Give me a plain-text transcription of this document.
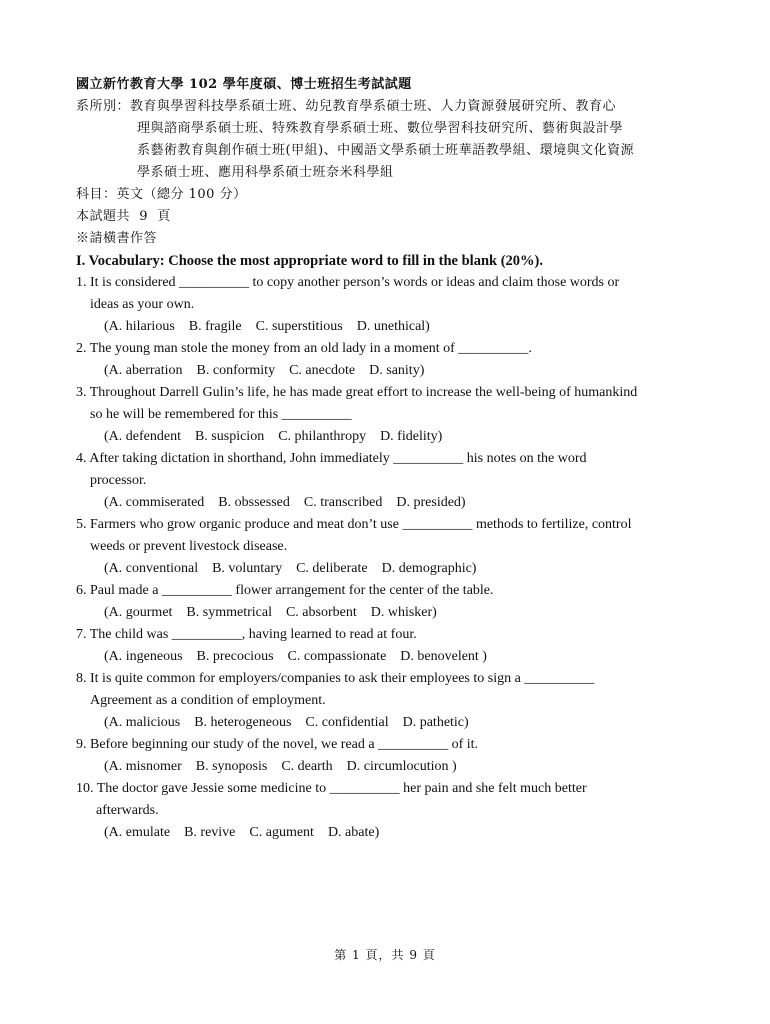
國立新竹教育大學 102 學年度碩、博士班招生考試試題
系所別：教育與學習科技學系碩士班、幼兒教育學系碩士班、人力資源發展研究所、教育心
理與諮商學系碩士班、特殊教育學系碩士班、數位學習科技研究所、藝術與設計學
系藝術教育與創作碩士班(甲組)、中國語文學系碩士班華語教學組、環境與文化資源
學系碩士班、應用科學系碩士班奈米科學組
科目：英文（總分 100 分）
本試題共  9  頁
※請橫書作答
I. Vocabulary: Choose the most appropriate word to fill in the blank (20%).
1. It is considered __________ to copy another person’s words or ideas and claim those words or
ideas as your own.
(A. hilarious    B. fragile    C. superstitious    D. unethical)
2. The young man stole the money from an old lady in a moment of __________.
(A. aberration    B. conformity    C. anecdote    D. sanity)
3. Throughout Darrell Gulin’s life, he has made great effort to increase the well-being of humankind
so he will be remembered for this __________
(A. defendent    B. suspicion    C. philanthropy    D. fidelity)
4. After taking dictation in shorthand, John immediately __________ his notes on the word
processor.
(A. commiserated    B. obssessed    C. transcribed    D. presided)
5. Farmers who grow organic produce and meat don’t use __________ methods to fertilize, control
weeds or prevent livestock disease.
(A. conventional    B. voluntary    C. deliberate    D. demographic)
6. Paul made a __________ flower arrangement for the center of the table.
(A. gourmet    B. symmetrical    C. absorbent    D. whisker)
7. The child was __________, having learned to read at four.
(A. ingeneous    B. precocious    C. compassionate    D. benovelent )
8. It is quite common for employers/companies to ask their employees to sign a __________
Agreement as a condition of employment.
(A. malicious    B. heterogeneous    C. confidential    D. pathetic)
9. Before beginning our study of the novel, we read a __________ of it.
(A. misnomer    B. synoposis    C. dearth    D. circumlocution )
10. The doctor gave Jessie some medicine to __________ her pain and she felt much better
afterwards.
(A. emulate    B. revive    C. agument    D. abate)
第 1 頁，共 9 頁
